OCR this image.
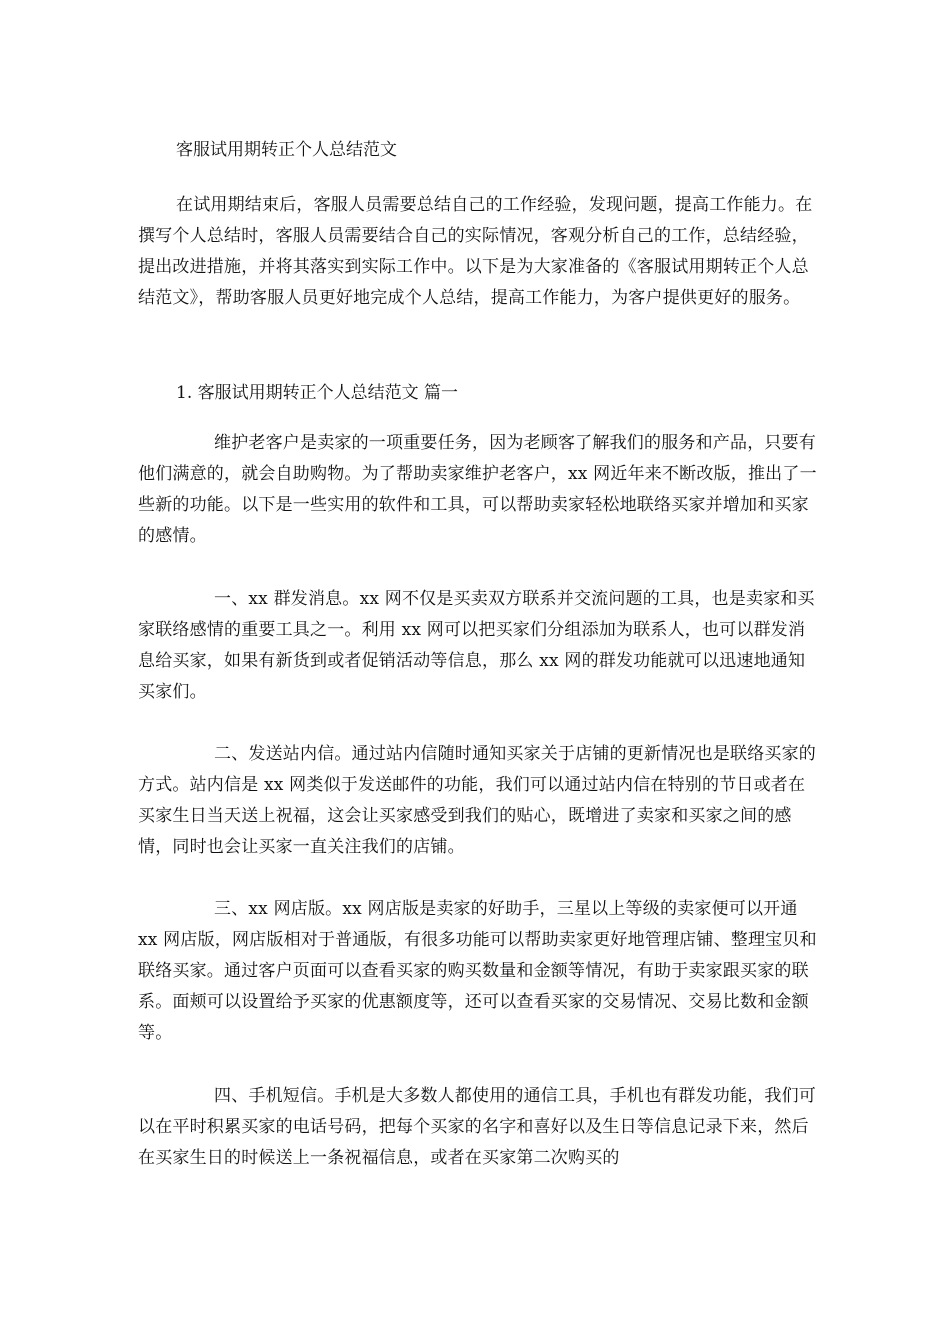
客服试用期转正个人总结范文

在试用期结束后，客服人员需要总结自己的工作经验，发现问题，提高工作能力。在撰写个人总结时，客服人员需要结合自己的实际情况，客观分析自己的工作，总结经验，提出改进措施，并将其落实到实际工作中。以下是为大家准备的《客服试用期转正个人总结范文》，帮助客服人员更好地完成个人总结，提高工作能力，为客户提供更好的服务。

1. 客服试用期转正个人总结范文 篇一

维护老客户是卖家的一项重要任务，因为老顾客了解我们的服务和产品，只要有他们满意的，就会自助购物。为了帮助卖家维护老客户，xx 网近年来不断改版，推出了一些新的功能。以下是一些实用的软件和工具，可以帮助卖家轻松地联络买家并增加和买家的感情。

一、xx 群发消息。xx 网不仅是买卖双方联系并交流问题的工具，也是卖家和买家联络感情的重要工具之一。利用 xx 网可以把买家们分组添加为联系人，也可以群发消息给买家，如果有新货到或者促销活动等信息，那么 xx 网的群发功能就可以迅速地通知买家们。

二、发送站内信。通过站内信随时通知买家关于店铺的更新情况也是联络买家的方式。站内信是 xx 网类似于发送邮件的功能，我们可以通过站内信在特别的节日或者在买家生日当天送上祝福，这会让买家感受到我们的贴心，既增进了卖家和买家之间的感情，同时也会让买家一直关注我们的店铺。

三、xx 网店版。xx 网店版是卖家的好助手，三星以上等级的卖家便可以开通 xx 网店版，网店版相对于普通版，有很多功能可以帮助卖家更好地管理店铺、整理宝贝和联络买家。通过客户页面可以查看买家的购买数量和金额等情况，有助于卖家跟买家的联系。面颊可以设置给予买家的优惠额度等，还可以查看买家的交易情况、交易比数和金额等。

四、手机短信。手机是大多数人都使用的通信工具，手机也有群发功能，我们可以在平时积累买家的电话号码，把每个买家的名字和喜好以及生日等信息记录下来，然后在买家生日的时候送上一条祝福信息，或者在买家第二次购买的
